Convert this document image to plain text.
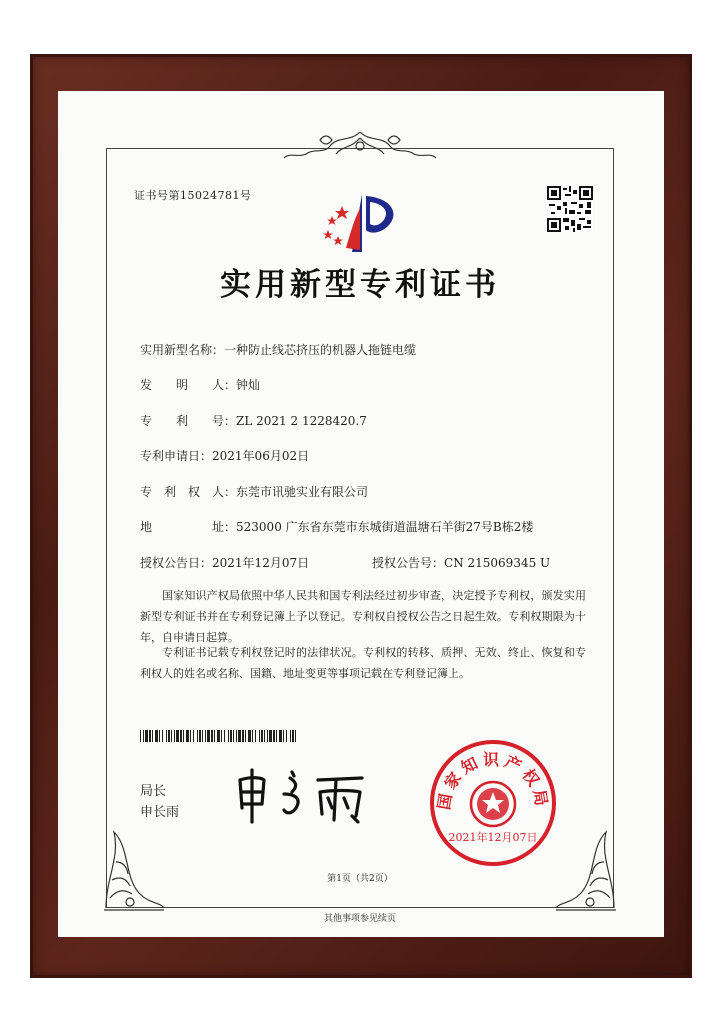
证书号第15024781号
实用新型专利证书
实用新型名称：一种防止线芯挤压的机器人拖链电缆
发　　明　　人：钟灿
专　　利　　号：ZL 2021 2 1228420.7
专利申请日：2021年06月02日
专　利　权　人：东莞市讯驰实业有限公司
地　　　　　址：523000 广东省东莞市东城街道温塘石羊街27号B栋2楼
授权公告日：2021年12月07日	授权公告号：CN 215069345 U
国家知识产权局依照中华人民共和国专利法经过初步审查，决定授予专利权，颁发实用新型专利证书并在专利登记簿上予以登记。专利权自授权公告之日起生效。专利权期限为十年，自申请日起算。
专利证书记载专利权登记时的法律状况。专利权的转移、质押、无效、终止、恢复和专利权人的姓名或名称、国籍、地址变更等事项记载在专利登记簿上。
局长
申长雨
国家知识产权局
2021年12月07日
第1页（共2页）
其他事项参见续页
